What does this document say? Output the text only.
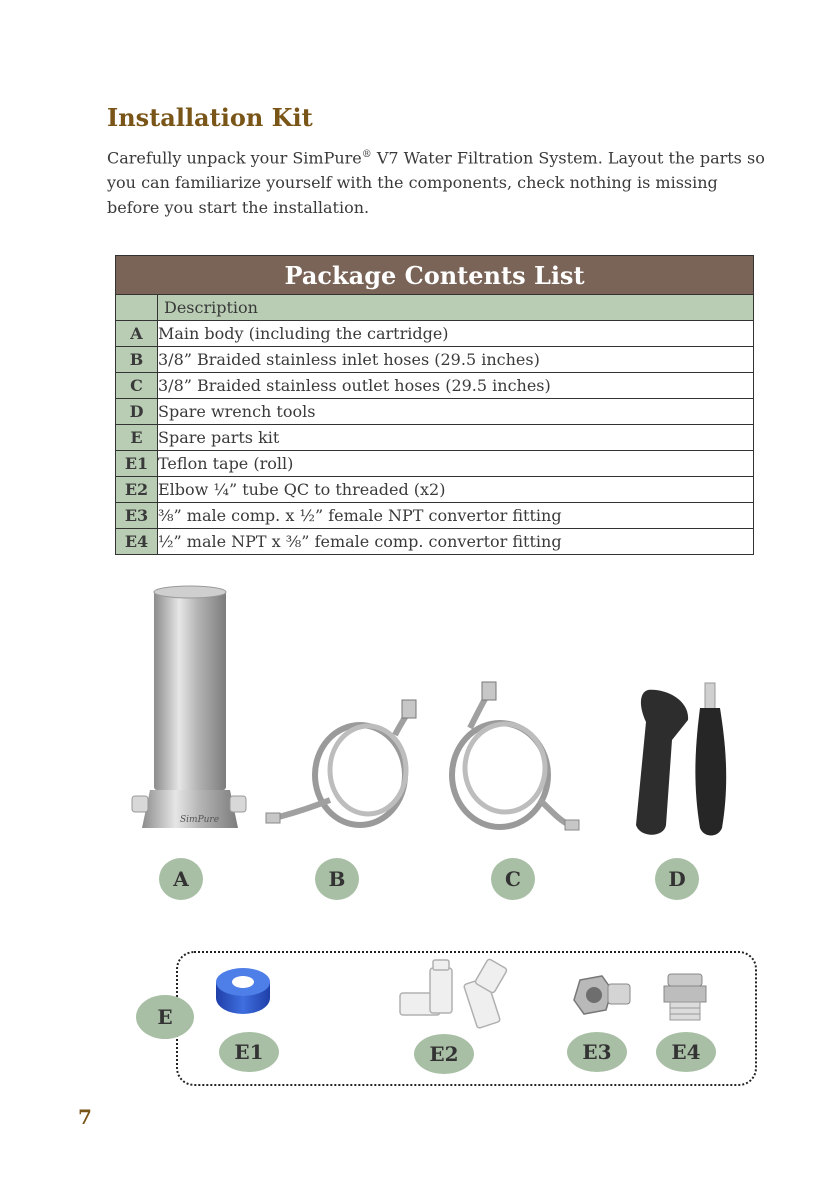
Installation Kit
Carefully unpack your SimPure® V7 Water Filtration System. Layout the parts so you can familiarize yourself with the components, check nothing is missing before you start the installation.
Package Contents List	
	Description
A	Main body (including the cartridge)
B	3/8” Braided stainless inlet hoses (29.5 inches)
C	3/8” Braided stainless outlet hoses (29.5 inches)
D	Spare wrench tools
E	Spare parts kit
E1	Teflon tape (roll)
E2	Elbow ¼” tube QC to threaded (x2)
E3	⅜” male comp. x ½” female NPT convertor fitting
E4	½” male NPT x ⅜” female comp. convertor fitting
SimPure
A	B	C	D
E
E1	E2	E3	E4
7
